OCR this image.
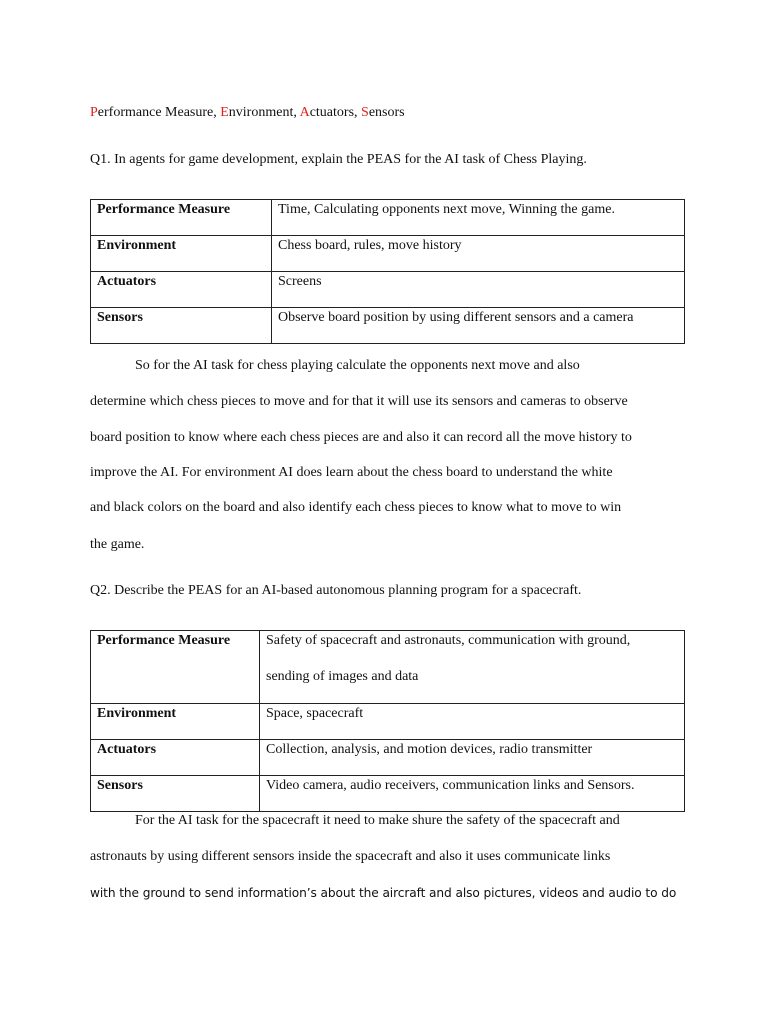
Performance Measure, Environment, Actuators, Sensors
Q1. In agents for game development, explain the PEAS for the AI task of Chess Playing.
Performance Measure	Time, Calculating opponents next move, Winning the game.
Environment	Chess board, rules, move history
Actuators	Screens
Sensors	Observe board position by using different sensors and a camera
So for the AI task for chess playing calculate the opponents next move and also
determine which chess pieces to move and for that it will use its sensors and cameras to observe
board position to know where each chess pieces are and also it can record all the move history to
improve the AI. For environment AI does learn about the chess board to understand the white
and black colors on the board and also identify each chess pieces to know what to move to win
the game.
Q2. Describe the PEAS for an AI-based autonomous planning program for a spacecraft.
Performance Measure	Safety of spacecraft and astronauts, communication with ground,
sending of images and data

Environment	Space, spacecraft
Actuators	Collection, analysis, and motion devices, radio transmitter
Sensors	Video camera, audio receivers, communication links and Sensors.
For the AI task for the spacecraft it need to make shure the safety of the spacecraft and
astronauts by using different sensors inside the spacecraft and also it uses communicate links
with the ground to send information’s about the aircraft and also pictures, videos and audio to do
